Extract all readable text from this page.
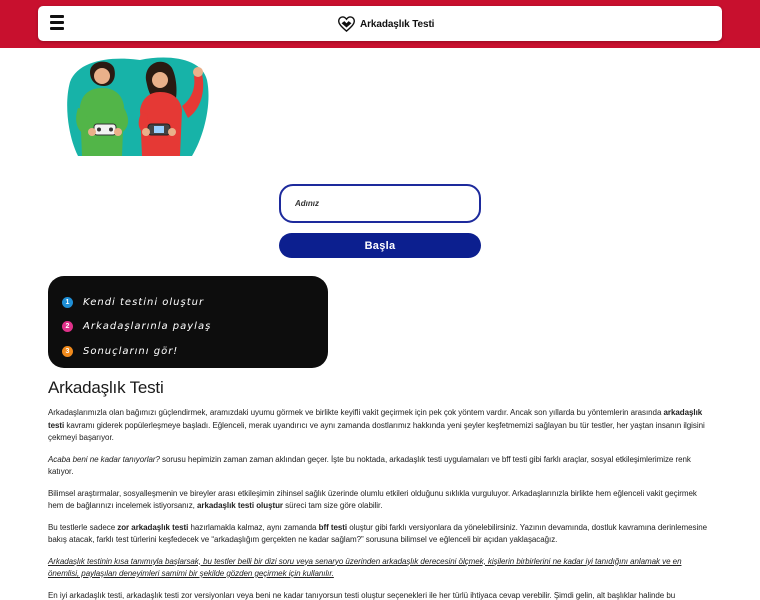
Arkadaşlık Testi
Adınız
Başla
1	Kendi testini oluştur
2	Arkadaşlarınla paylaş
3	Sonuçlarını gör!
Arkadaşlık Testi

Arkadaşlarımızla olan bağımızı güçlendirmek, aramızdaki uyumu görmek ve birlikte keyifli vakit geçirmek için pek çok yöntem vardır. Ancak son yıllarda bu yöntemlerin arasında arkadaşlık testi kavramı giderek popülerleşmeye başladı. Eğlenceli, merak uyandırıcı ve aynı zamanda dostlarımız hakkında yeni şeyler keşfetmemizi sağlayan bu tür testler, her yaştan insanın ilgisini çekmeyi başarıyor.

Acaba beni ne kadar tanıyorlar? sorusu hepimizin zaman zaman aklından geçer. İşte bu noktada, arkadaşlık testi uygulamaları ve bff testi gibi farklı araçlar, sosyal etkileşimlerimize renk katıyor.

Bilimsel araştırmalar, sosyalleşmenin ve bireyler arası etkileşimin zihinsel sağlık üzerinde olumlu etkileri olduğunu sıklıkla vurguluyor. Arkadaşlarınızla birlikte hem eğlenceli vakit geçirmek hem de bağlarınızı incelemek istiyorsanız, arkadaşlık testi oluştur süreci tam size göre olabilir.

Bu testlerle sadece zor arkadaşlık testi hazırlamakla kalmaz, aynı zamanda bff testi oluştur gibi farklı versiyonlara da yönelebilirsiniz. Yazının devamında, dostluk kavramına derinlemesine bakış atacak, farklı test türlerini keşfedecek ve “arkadaşlığım gerçekten ne kadar sağlam?” sorusuna bilimsel ve eğlenceli bir açıdan yaklaşacağız.

Arkadaşlık testinin kısa tanımıyla başlarsak, bu testler belli bir dizi soru veya senaryo üzerinden arkadaşlık derecesini ölçmek, kişilerin birbirlerini ne kadar iyi tanıdığını anlamak ve en önemlisi, paylaşılan deneyimleri samimi bir şekilde gözden geçirmek için kullanılır.

En iyi arkadaşlık testi, arkadaşlık testi zor versiyonları veya beni ne kadar tanıyorsun testi oluştur seçenekleri ile her türlü ihtiyaca cevap verebilir. Şimdi gelin, alt başlıklar halinde bu
